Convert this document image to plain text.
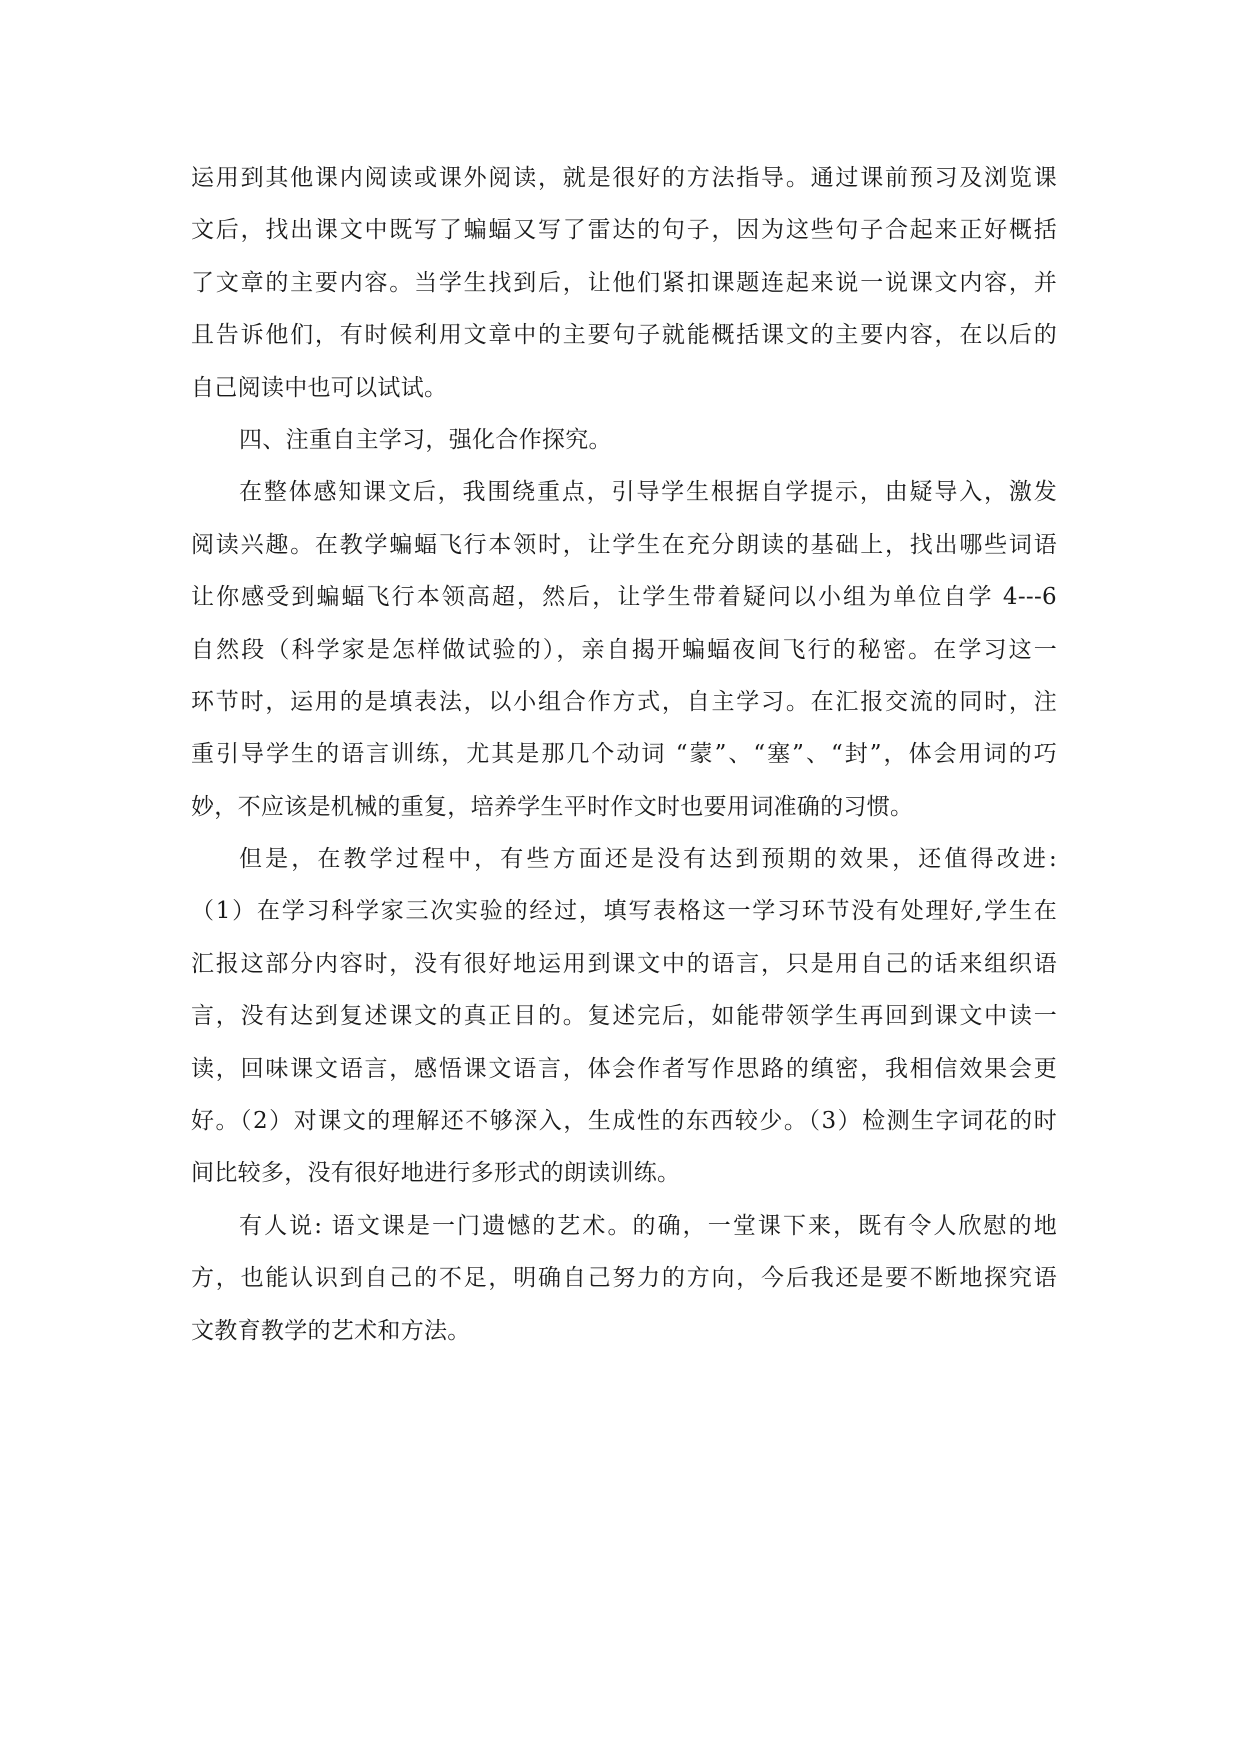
运用到其他课内阅读或课外阅读，就是很好的方法指导。通过课前预习及浏览课
文后，找出课文中既写了蝙蝠又写了雷达的句子，因为这些句子合起来正好概括
了文章的主要内容。当学生找到后，让他们紧扣课题连起来说一说课文内容，并
且告诉他们，有时候利用文章中的主要句子就能概括课文的主要内容，在以后的
自己阅读中也可以试试。
四、注重自主学习，强化合作探究。
在整体感知课文后，我围绕重点，引导学生根据自学提示，由疑导入，激发
阅读兴趣。在教学蝙蝠飞行本领时，让学生在充分朗读的基础上，找出哪些词语
让你感受到蝙蝠飞行本领高超，然后，让学生带着疑问以小组为单位自学 4---6
自然段（科学家是怎样做试验的），亲自揭开蝙蝠夜间飞行的秘密。在学习这一
环节时，运用的是填表法，以小组合作方式，自主学习。在汇报交流的同时，注
重引导学生的语言训练，尤其是那几个动词 “蒙”、“塞”、“封”，体会用词的巧
妙，不应该是机械的重复，培养学生平时作文时也要用词准确的习惯。
但是，在教学过程中，有些方面还是没有达到预期的效果，还值得改进:
（1）在学习科学家三次实验的经过，填写表格这一学习环节没有处理好,学生在
汇报这部分内容时，没有很好地运用到课文中的语言，只是用自己的话来组织语
言，没有达到复述课文的真正目的。复述完后，如能带领学生再回到课文中读一
读，回味课文语言，感悟课文语言，体会作者写作思路的缜密，我相信效果会更
好。（2）对课文的理解还不够深入，生成性的东西较少。（3）检测生字词花的时
间比较多，没有很好地进行多形式的朗读训练。
有人说: 语文课是一门遗憾的艺术。的确，一堂课下来，既有令人欣慰的地
方，也能认识到自己的不足，明确自己努力的方向，今后我还是要不断地探究语
文教育教学的艺术和方法。
